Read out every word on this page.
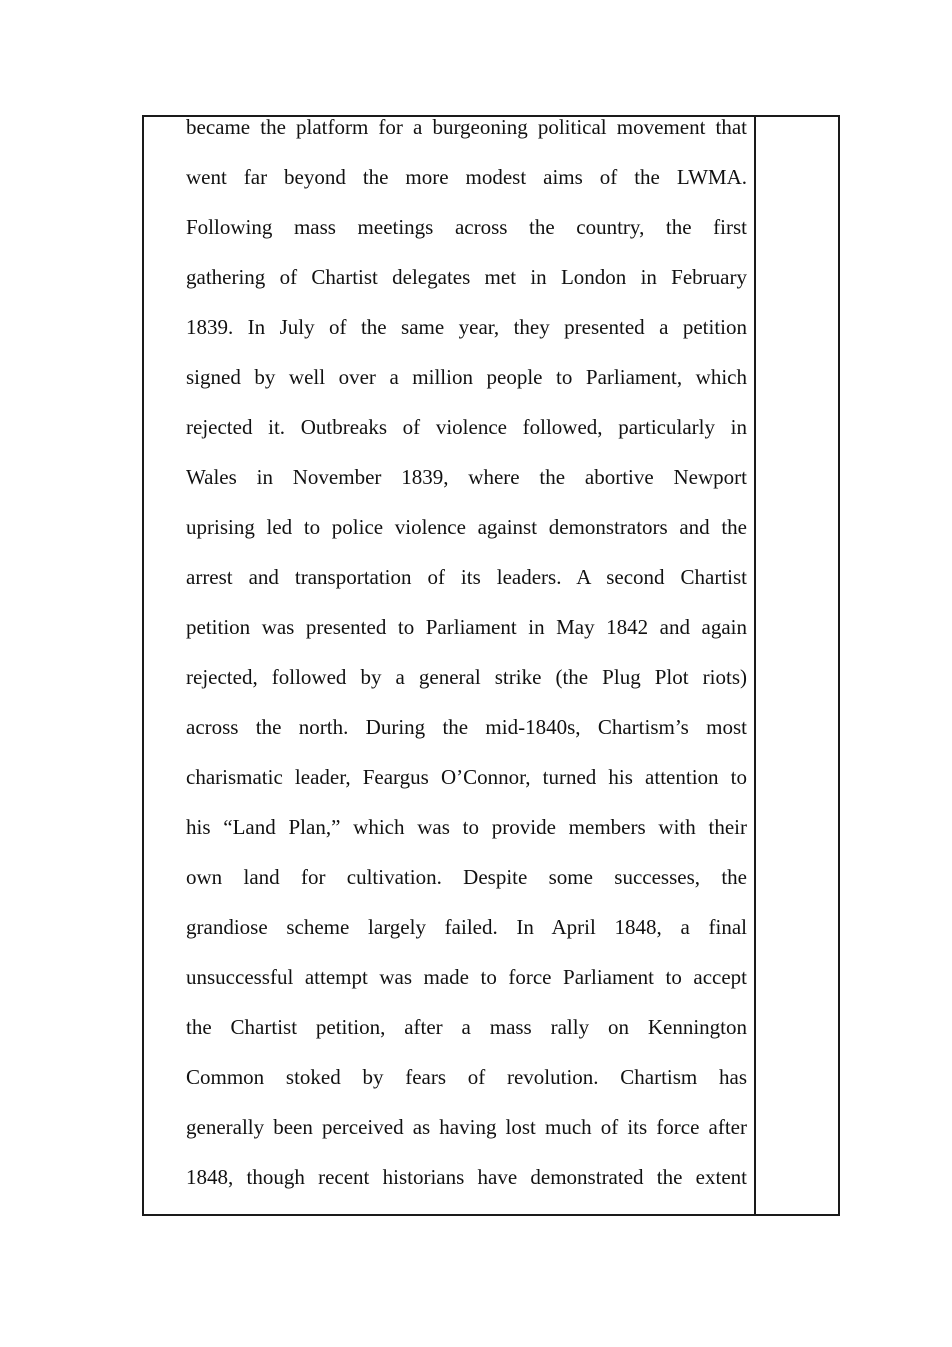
became the platform for a burgeoning political movement that
went far beyond the more modest aims of the LWMA.
Following mass meetings across the country, the first
gathering of Chartist delegates met in London in February
1839. In July of the same year, they presented a petition
signed by well over a million people to Parliament, which
rejected it. Outbreaks of violence followed, particularly in
Wales in November 1839, where the abortive Newport
uprising led to police violence against demonstrators and the
arrest and transportation of its leaders. A second Chartist
petition was presented to Parliament in May 1842 and again
rejected, followed by a general strike (the Plug Plot riots)
across the north. During the mid-1840s, Chartism’s most
charismatic leader, Feargus O’Connor, turned his attention to
his “Land Plan,” which was to provide members with their
own land for cultivation. Despite some successes, the
grandiose scheme largely failed. In April 1848, a final
unsuccessful attempt was made to force Parliament to accept
the Chartist petition, after a mass rally on Kennington
Common stoked by fears of revolution. Chartism has
generally been perceived as having lost much of its force after
1848, though recent historians have demonstrated the extent
